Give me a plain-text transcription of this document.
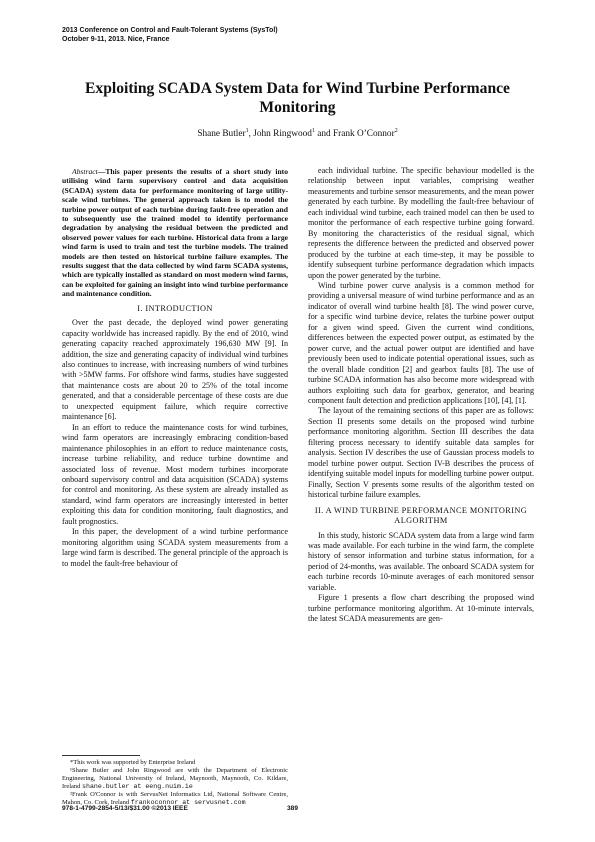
2013 Conference on Control and Fault-Tolerant Systems (SysTol)
October 9-11, 2013. Nice, France
Exploiting SCADA System Data for Wind Turbine Performance Monitoring
Shane Butler$^1$, John Ringwood$^1$ and Frank O’Connor$^2$

Abstract—This paper presents the results of a short study into utilising wind farm supervisory control and data acquisition (SCADA) system data for performance monitoring of large utility-scale wind turbines. The general approach taken is to model the turbine power output of each turbine during fault-free operation and to subsequently use the trained model to identify performance degradation by analysing the residual between the predicted and observed power values for each turbine. Historical data from a large wind farm is used to train and test the turbine models. The trained models are then tested on historical turbine failure examples. The results suggest that the data collected by wind farm SCADA systems, which are typically installed as standard on most modern wind farms, can be exploited for gaining an insight into wind turbine performance and maintenance condition.

I. INTRODUCTION

Over the past decade, the deployed wind power generating capacity worldwide has increased rapidly. By the end of 2010, wind generating capacity reached approximately 196,630 MW [9]. In addition, the size and generating capacity of individual wind turbines also continues to increase, with increasing numbers of wind turbines with >5MW farms. For offshore wind farms, studies have suggested that maintenance costs are about 20 to 25% of the total income generated, and that a considerable percentage of these costs are due to unexpected equipment failure, which require corrective maintenance [6].

In an effort to reduce the maintenance costs for wind turbines, wind farm operators are increasingly embracing condition-based maintenance philosophies in an effort to reduce maintenance costs, increase turbine reliability, and reduce turbine downtime and associated loss of revenue. Most modern turbines incorporate onboard supervisory control and data acquisition (SCADA) systems for control and monitoring. As these system are already installed as standard, wind farm operators are increasingly interested in better exploiting this data for condition monitoring, fault diagnostics, and fault prognostics.

In this paper, the development of a wind turbine performance monitoring algorithm using SCADA system measurements from a large wind farm is described. The general principle of the approach is to model the fault-free behaviour of

each individual turbine. The specific behaviour modelled is the relationship between input variables, comprising weather measurements and turbine sensor measurements, and the mean power generated by each turbine. By modelling the fault-free behaviour of each individual wind turbine, each trained model can then be used to monitor the performance of each respective turbine going forward. By monitoring the characteristics of the residual signal, which represents the difference between the predicted and observed power produced by the turbine at each time-step, it may be possible to identify subsequent turbine performance degradation which impacts upon the power generated by the turbine.

Wind turbine power curve analysis is a common method for providing a universal measure of wind turbine performance and as an indicator of overall wind turbine health [8]. The wind power curve, for a specific wind turbine device, relates the turbine power output for a given wind speed. Given the current wind conditions, differences between the expected power output, as estimated by the power curve, and the actual power output are identified and have previously been used to indicate potential operational issues, such as the overall blade condition [2] and gearbox faults [8]. The use of turbine SCADA information has also become more widespread with authors exploiting such data for gearbox, generator, and bearing component fault detection and prediction applications [10], [4], [1].

The layout of the remaining sections of this paper are as follows: Section II presents some details on the proposed wind turbine performance monitoring algorithm. Section III describes the data filtering process necessary to identify suitable data samples for analysis. Section IV describes the use of Gaussian process models to model turbine power output. Section IV-B describes the process of identifying suitable model inputs for modelling turbine power output. Finally, Section V presents some results of the algorithm tested on historical turbine failure examples.

II. A WIND TURBINE PERFORMANCE MONITORING ALGORITHM

In this study, historic SCADA system data from a large wind farm was made available. For each turbine in the wind farm, the complete history of sensor information and turbine status information, for a period of 24-months, was available. The onboard SCADA system for each turbine records 10-minute averages of each monitored sensor variable.

Figure 1 presents a flow chart describing the proposed wind turbine performance monitoring algorithm. At 10-minute intervals, the latest SCADA measurements are gen-

*This work was supported by Enterprise Ireland
¹Shane Butler and John Ringwood are with the Department of Electronic Engineering, National University of Ireland, Maynooth, Maynooth, Co. Kildare, Ireland shane.butler at eeng.nuim.ie
²Frank O'Connor is with ServusNet Informatics Ltd, National Software Centre, Mahon, Co. Cork, Ireland frankoconnor at servusnet.com
978-1-4799-2854-5/13/$31.00 ©2013 IEEE	389
